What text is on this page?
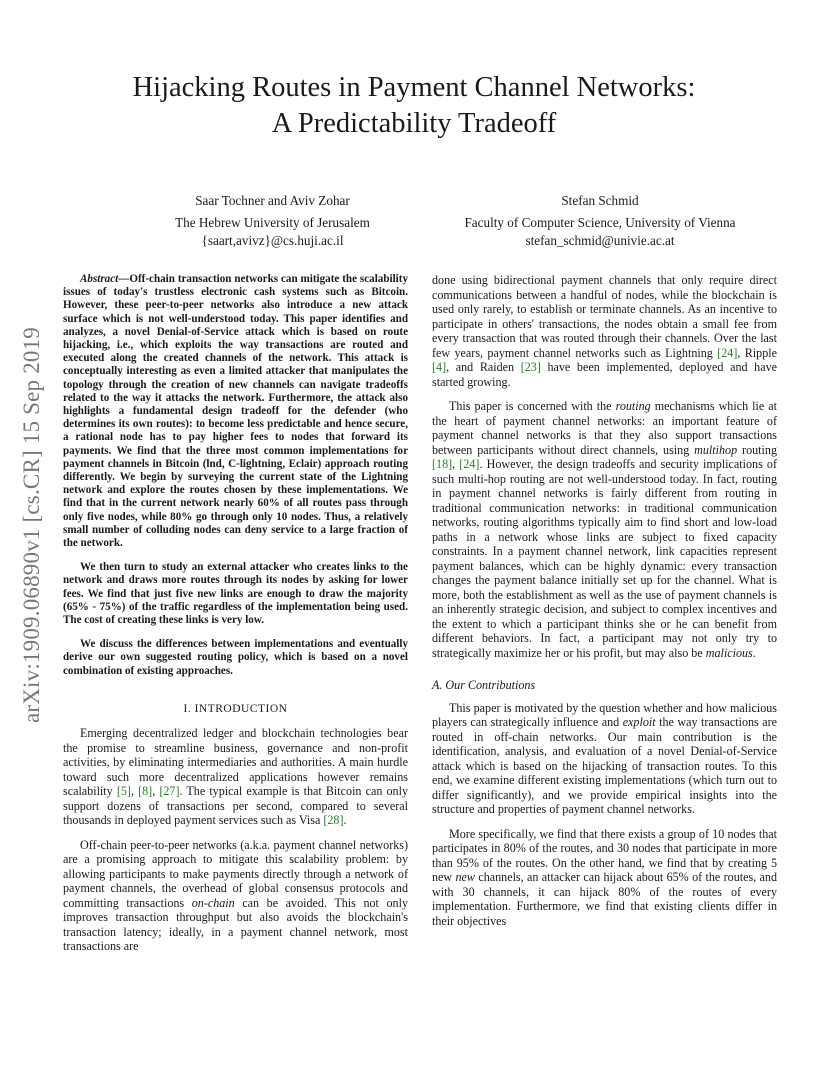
arXiv:1909.06890v1 [cs.CR] 15 Sep 2019
Hijacking Routes in Payment Channel Networks:
A Predictability Tradeoff
Saar Tochner and Aviv Zohar
The Hebrew University of Jerusalem
{saart,avivz}@cs.huji.ac.il
Stefan Schmid
Faculty of Computer Science, University of Vienna
stefan_schmid@univie.ac.at

Abstract—Off-chain transaction networks can mitigate the scalability issues of today's trustless electronic cash systems such as Bitcoin. However, these peer-to-peer networks also introduce a new attack surface which is not well-understood today. This paper identifies and analyzes, a novel Denial-of-Service attack which is based on route hijacking, i.e., which exploits the way transactions are routed and executed along the created channels of the network. This attack is conceptually interesting as even a limited attacker that manipulates the topology through the creation of new channels can navigate tradeoffs related to the way it attacks the network. Furthermore, the attack also highlights a fundamental design tradeoff for the defender (who determines its own routes): to become less predictable and hence secure, a rational node has to pay higher fees to nodes that forward its payments. We find that the three most common implementations for payment channels in Bitcoin (lnd, C-lightning, Eclair) approach routing differently. We begin by surveying the current state of the Lightning network and explore the routes chosen by these implementations. We find that in the current network nearly 60% of all routes pass through only five nodes, while 80% go through only 10 nodes. Thus, a relatively small number of colluding nodes can deny service to a large fraction of the network.

We then turn to study an external attacker who creates links to the network and draws more routes through its nodes by asking for lower fees. We find that just five new links are enough to draw the majority (65% - 75%) of the traffic regardless of the implementation being used. The cost of creating these links is very low.

We discuss the differences between implementations and eventually derive our own suggested routing policy, which is based on a novel combination of existing approaches.

I. INTRODUCTION

Emerging decentralized ledger and blockchain technologies bear the promise to streamline business, governance and non-profit activities, by eliminating intermediaries and authorities. A main hurdle toward such more decentralized applications however remains scalability [5], [8], [27]. The typical example is that Bitcoin can only support dozens of transactions per second, compared to several thousands in deployed payment services such as Visa [28].

Off-chain peer-to-peer networks (a.k.a. payment channel networks) are a promising approach to mitigate this scalability problem: by allowing participants to make payments directly through a network of payment channels, the overhead of global consensus protocols and committing transactions on-chain can be avoided. This not only improves transaction throughput but also avoids the blockchain's transaction latency; ideally, in a payment channel network, most transactions are

done using bidirectional payment channels that only require direct communications between a handful of nodes, while the blockchain is used only rarely, to establish or terminate channels. As an incentive to participate in others' transactions, the nodes obtain a small fee from every transaction that was routed through their channels. Over the last few years, payment channel networks such as Lightning [24], Ripple [4], and Raiden [23] have been implemented, deployed and have started growing.

This paper is concerned with the routing mechanisms which lie at the heart of payment channel networks: an important feature of payment channel networks is that they also support transactions between participants without direct channels, using multihop routing [18], [24]. However, the design tradeoffs and security implications of such multi-hop routing are not well-understood today. In fact, routing in payment channel networks is fairly different from routing in traditional communication networks: in traditional communication networks, routing algorithms typically aim to find short and low-load paths in a network whose links are subject to fixed capacity constraints. In a payment channel network, link capacities represent payment balances, which can be highly dynamic: every transaction changes the payment balance initially set up for the channel. What is more, both the establishment as well as the use of payment channels is an inherently strategic decision, and subject to complex incentives and the extent to which a participant thinks she or he can benefit from different behaviors. In fact, a participant may not only try to strategically maximize her or his profit, but may also be malicious.

A. Our Contributions

This paper is motivated by the question whether and how malicious players can strategically influence and exploit the way transactions are routed in off-chain networks. Our main contribution is the identification, analysis, and evaluation of a novel Denial-of-Service attack which is based on the hijacking of transaction routes. To this end, we examine different existing implementations (which turn out to differ significantly), and we provide empirical insights into the structure and properties of payment channel networks.

More specifically, we find that there exists a group of 10 nodes that participates in 80% of the routes, and 30 nodes that participate in more than 95% of the routes. On the other hand, we find that by creating 5 new new channels, an attacker can hijack about 65% of the routes, and with 30 channels, it can hijack 80% of the routes of every implementation. Furthermore, we find that existing clients differ in their objectives
